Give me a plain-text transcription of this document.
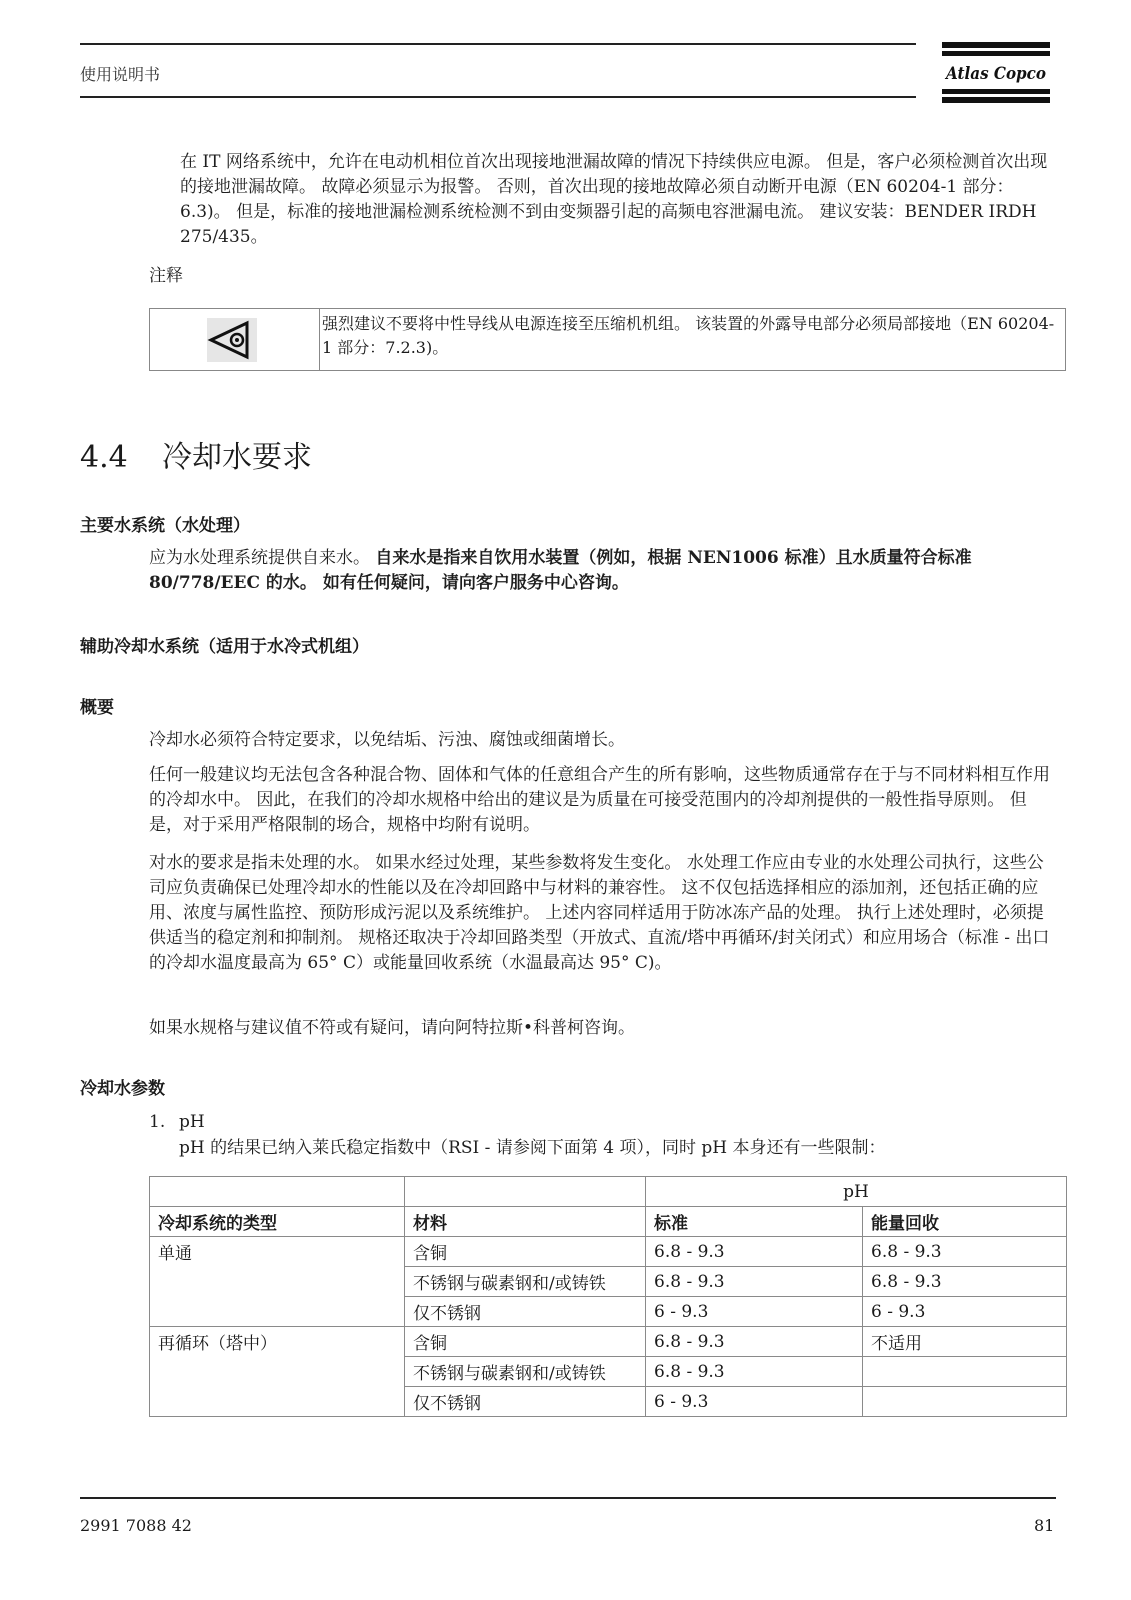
使用说明书	Atlas Copco
在 IT 网络系统中，允许在电动机相位首次出现接地泄漏故障的情况下持续供应电源。 但是，客户必须检测首次出现的接地泄漏故障。 故障必须显示为报警。 否则，首次出现的接地故障必须自动断开电源（EN 60204-1 部分：6.3)。 但是，标准的接地泄漏检测系统检测不到由变频器引起的高频电容泄漏电流。 建议安装：BENDER IRDH 275/435。
注释
强烈建议不要将中性导线从电源连接至压缩机机组。 该装置的外露导电部分必须局部接地（EN 60204-1 部分：7.2.3)。
4.4 冷却水要求
主要水系统（水处理）
应为水处理系统提供自来水。 自来水是指来自饮用水装置（例如，根据 NEN1006 标准）且水质量符合标准 80/778/EEC 的水。 如有任何疑问，请向客户服务中心咨询。
辅助冷却水系统（适用于水冷式机组）
概要
冷却水必须符合特定要求，以免结垢、污浊、腐蚀或细菌增长。
任何一般建议均无法包含各种混合物、固体和气体的任意组合产生的所有影响，这些物质通常存在于与不同材料相互作用的冷却水中。 因此，在我们的冷却水规格中给出的建议是为质量在可接受范围内的冷却剂提供的一般性指导原则。 但是，对于采用严格限制的场合，规格中均附有说明。
对水的要求是指未处理的水。 如果水经过处理，某些参数将发生变化。 水处理工作应由专业的水处理公司执行，这些公司应负责确保已处理冷却水的性能以及在冷却回路中与材料的兼容性。 这不仅包括选择相应的添加剂，还包括正确的应用、浓度与属性监控、预防形成污泥以及系统维护。 上述内容同样适用于防冰冻产品的处理。 执行上述处理时，必须提供适当的稳定剂和抑制剂。 规格还取决于冷却回路类型（开放式、直流/塔中再循环/封关闭式）和应用场合（标准 - 出口的冷却水温度最高为 65° C）或能量回收系统（水温最高达 95° C)。
如果水规格与建议值不符或有疑问，请向阿特拉斯•科普柯咨询。
冷却水参数
1. pH
pH 的结果已纳入莱氏稳定指数中（RSI - 请参阅下面第 4 项），同时 pH 本身还有一些限制：
		pH	
冷却系统的类型	材料	标准	能量回收
单通	含铜	6.8 - 9.3	6.8 - 9.3
	不锈钢与碳素钢和/或铸铁	6.8 - 9.3	6.8 - 9.3
	仅不锈钢	6 - 9.3	6 - 9.3
再循环（塔中）	含铜	6.8 - 9.3	不适用
	不锈钢与碳素钢和/或铸铁	6.8 - 9.3	
	仅不锈钢	6 - 9.3	
2991 7088 42	81
